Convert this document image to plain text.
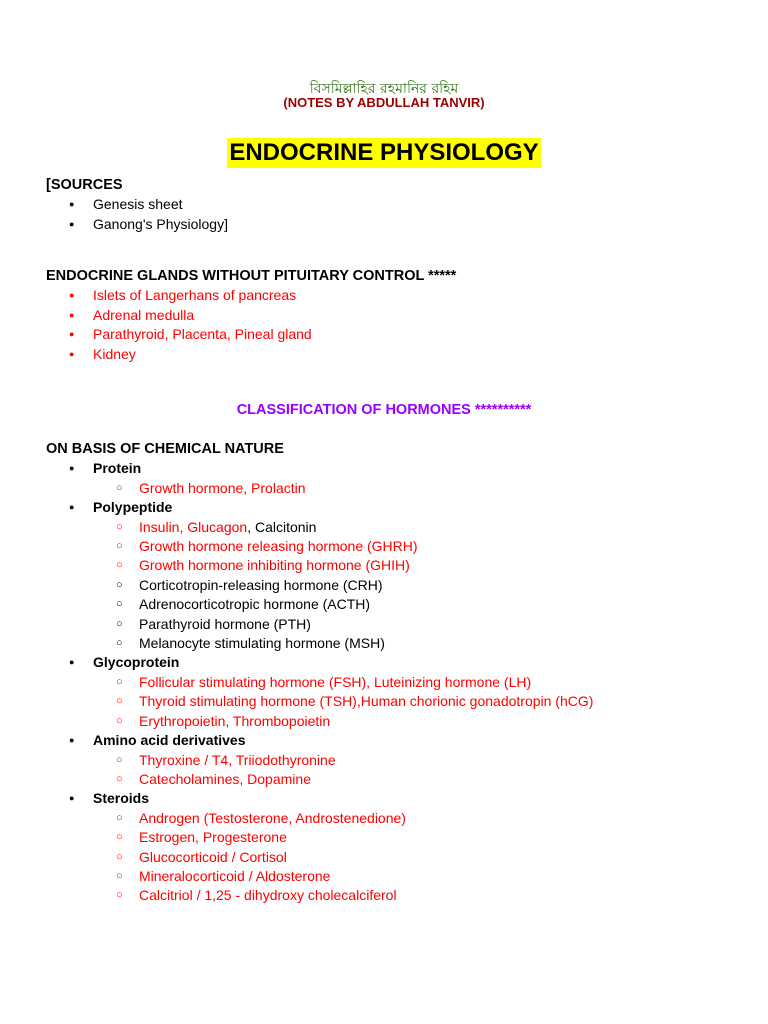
বিসমিল্লাহির রহমানির রহিম
(NOTES BY ABDULLAH TANVIR)
ENDOCRINE PHYSIOLOGY
[SOURCES
● Genesis sheet
● Ganong's Physiology]
ENDOCRINE GLANDS WITHOUT PITUITARY CONTROL *****
● Islets of Langerhans of pancreas
● Adrenal medulla
● Parathyroid, Placenta, Pineal gland
● Kidney
CLASSIFICATION OF HORMONES **********
ON BASIS OF CHEMICAL NATURE
● Protein
○ Growth hormone, Prolactin
● Polypeptide
○ Insulin, Glucagon, Calcitonin
○ Growth hormone releasing hormone (GHRH)
○ Growth hormone inhibiting hormone (GHIH)
○ Corticotropin-releasing hormone (CRH)
○ Adrenocorticotropic hormone (ACTH)
○ Parathyroid hormone (PTH)
○ Melanocyte stimulating hormone (MSH)
● Glycoprotein
○ Follicular stimulating hormone (FSH), Luteinizing hormone (LH)
○ Thyroid stimulating hormone (TSH),Human chorionic gonadotropin (hCG)
○ Erythropoietin, Thrombopoietin
● Amino acid derivatives
○ Thyroxine / T4, Triiodothyronine
○ Catecholamines, Dopamine
● Steroids
○ Androgen (Testosterone, Androstenedione)
○ Estrogen, Progesterone
○ Glucocorticoid / Cortisol
○ Mineralocorticoid / Aldosterone
○ Calcitriol / 1,25 - dihydroxy cholecalciferol
